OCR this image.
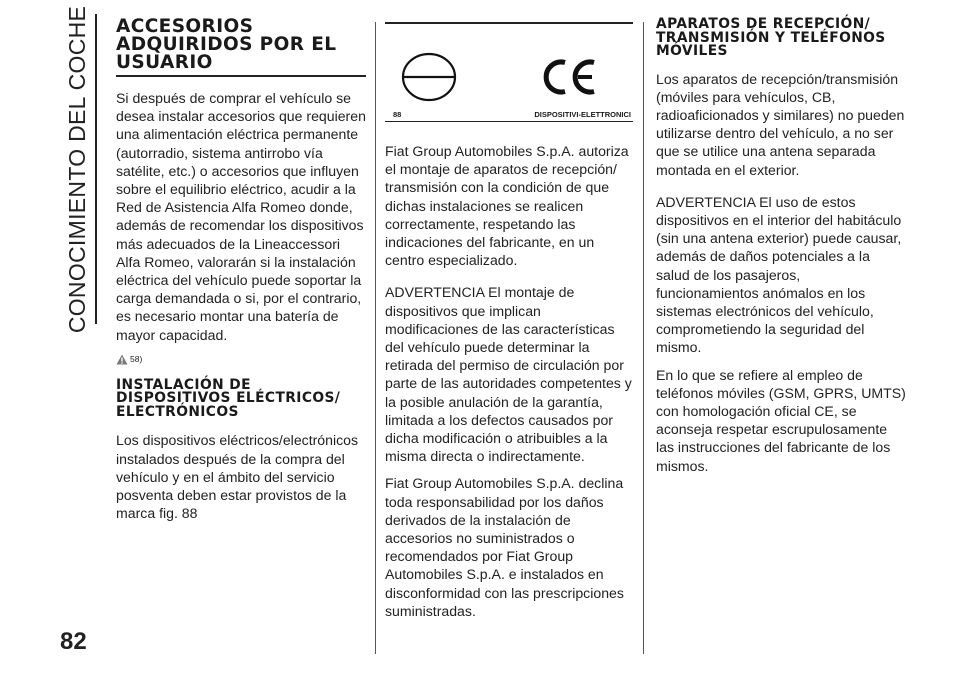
CONOCIMIENTO DEL COCHE
82
ACCESORIOS ADQUIRIDOS POR EL USUARIO

Si después de comprar el vehículo se desea instalar accesorios que requieren una alimentación eléctrica permanente (autorradio, sistema antirrobo vía satélite, etc.) o accesorios que influyen sobre el equilibrio eléctrico, acudir a la Red de Asistencia Alfa Romeo donde, además de recomendar los dispositivos más adecuados de la Lineaccessori Alfa Romeo, valorarán si la instalación eléctrica del vehículo puede soportar la carga demandada o si, por el contrario, es necesario montar una batería de mayor capacidad.

58)
INSTALACIÓN DE DISPOSITIVOS ELÉCTRICOS/ ELECTRÓNICOS

Los dispositivos eléctricos/electrónicos instalados después de la compra del vehículo y en el ámbito del servicio posventa deben estar provistos de la marca fig. 88

88	DISPOSITIVI-ELETTRONICI

Fiat Group Automobiles S.p.A. autoriza el montaje de aparatos de recepción/ transmisión con la condición de que dichas instalaciones se realicen correctamente, respetando las indicaciones del fabricante, en un centro especializado.

ADVERTENCIA El montaje de dispositivos que implican modificaciones de las características del vehículo puede determinar la retirada del permiso de circulación por parte de las autoridades competentes y la posible anulación de la garantía, limitada a los defectos causados por dicha modificación o atribuibles a la misma directa o indirectamente.

Fiat Group Automobiles S.p.A. declina toda responsabilidad por los daños derivados de la instalación de accesorios no suministrados o recomendados por Fiat Group Automobiles S.p.A. e instalados en disconformidad con las prescripciones suministradas.

APARATOS DE RECEPCIÓN/ TRANSMISIÓN Y TELÉFONOS MÓVILES

Los aparatos de recepción/transmisión (móviles para vehículos, CB, radioaficionados y similares) no pueden utilizarse dentro del vehículo, a no ser que se utilice una antena separada montada en el exterior.

ADVERTENCIA El uso de estos dispositivos en el interior del habitáculo (sin una antena exterior) puede causar, además de daños potenciales a la salud de los pasajeros, funcionamientos anómalos en los sistemas electrónicos del vehículo, comprometiendo la seguridad del mismo.

En lo que se refiere al empleo de teléfonos móviles (GSM, GPRS, UMTS) con homologación oficial CE, se aconseja respetar escrupulosamente las instrucciones del fabricante de los mismos.
